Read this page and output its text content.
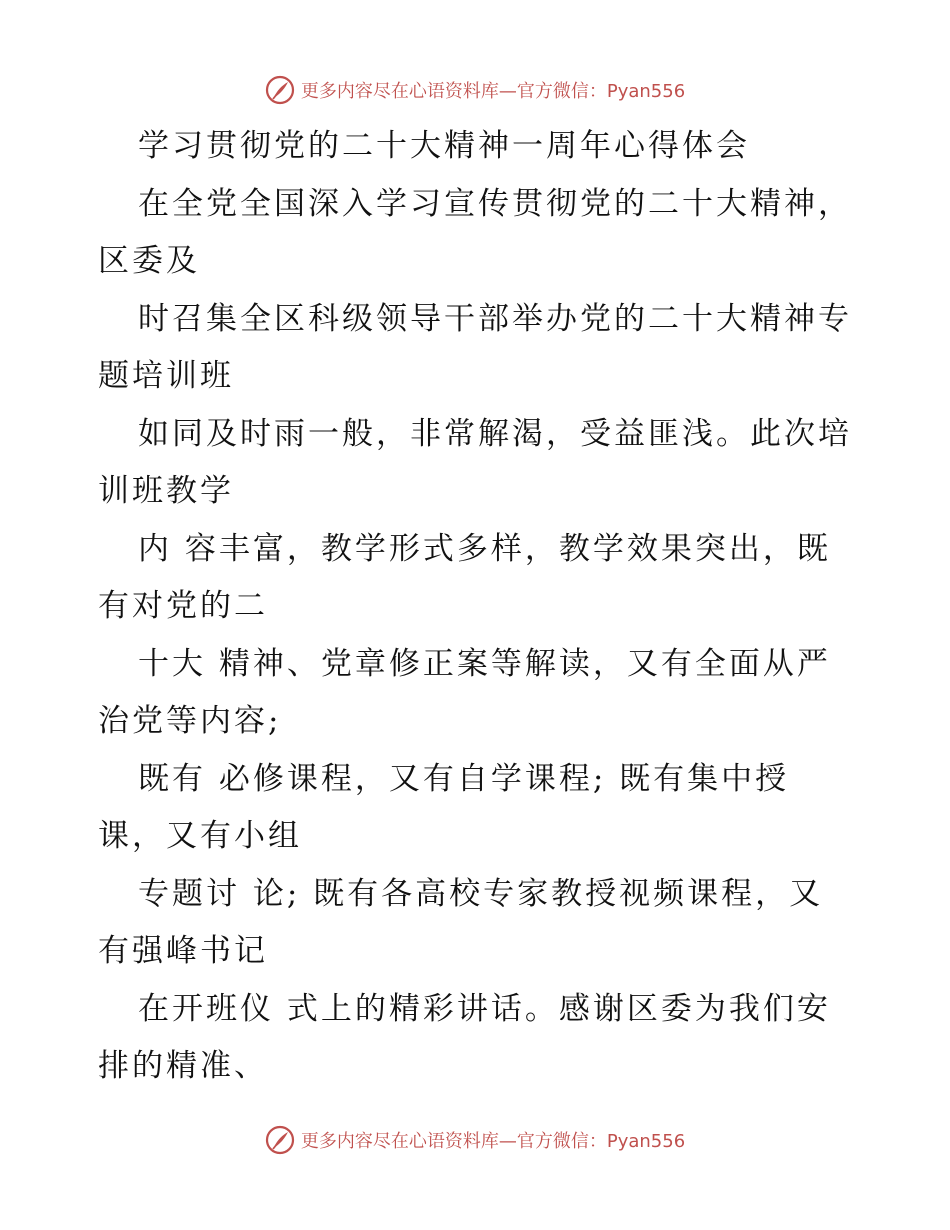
更多内容尽在心语资料库—官方微信：Pyan556
学习贯彻党的二十大精神一周年心得体会
在全党全国深入学习宣传贯彻党的二十大精神，
区委及
时召集全区科级领导干部举办党的二十大精神专
题培训班
如同及时雨一般，非常解渴，受益匪浅。此次培
训班教学
内 容丰富，教学形式多样，教学效果突出，既
有对党的二
十大 精神、党章修正案等解读，又有全面从严
治党等内容;
既有 必修课程，又有自学课程; 既有集中授
课，又有小组
专题讨 论; 既有各高校专家教授视频课程，又
有强峰书记
在开班仪 式上的精彩讲话。感谢区委为我们安
排的精准、
更多内容尽在心语资料库—官方微信：Pyan556
